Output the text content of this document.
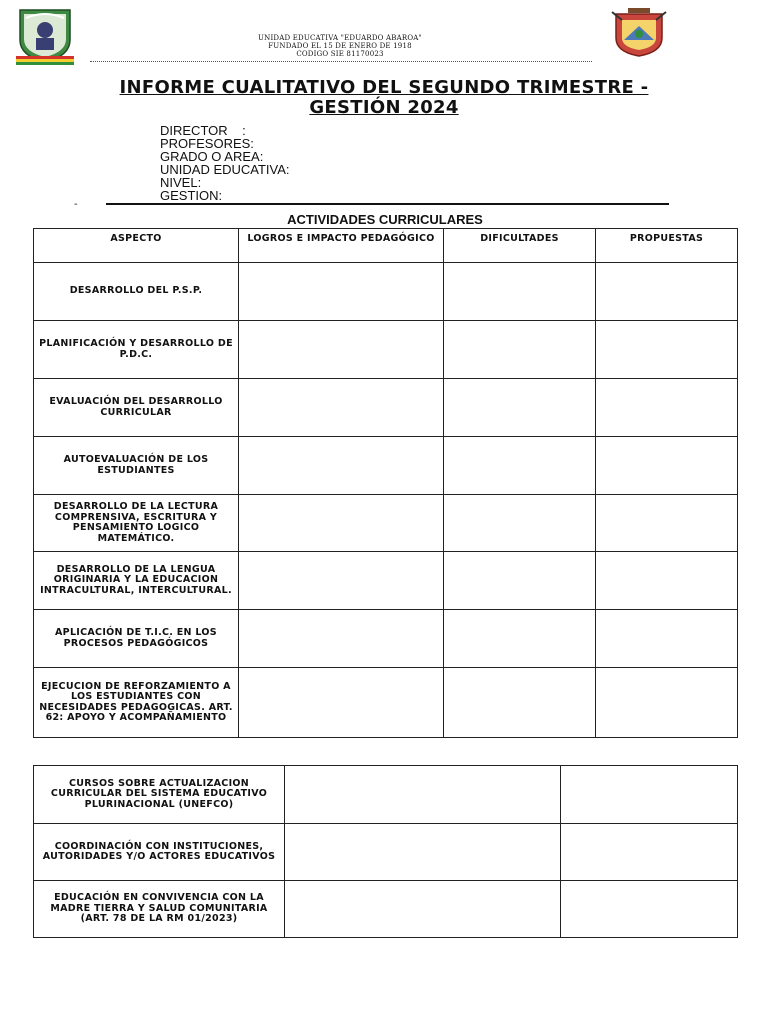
UNIDAD EDUCATIVA "EDUARDO ABAROA"
FUNDADO EL 15 DE ENERO DE 1918
CODIGO SIE 81170023
INFORME CUALITATIVO DEL SEGUNDO TRIMESTRE -
GESTIÓN 2024
DIRECTOR    :
PROFESORES:
GRADO O AREA:
UNIDAD EDUCATIVA:
NIVEL:
GESTION:
-
ACTIVIDADES CURRICULARES
ASPECTO	LOGROS E IMPACTO PEDAGÓGICO	DIFICULTADES	PROPUESTAS
DESARROLLO DEL P.S.P.			
PLANIFICACIÓN Y DESARROLLO DE P.D.C.			
EVALUACIÓN DEL DESARROLLO CURRICULAR			
AUTOEVALUACIÓN DE LOS ESTUDIANTES			
DESARROLLO DE LA LECTURA COMPRENSIVA, ESCRITURA Y PENSAMIENTO LOGICO MATEMÁTICO.			
DESARROLLO DE LA LENGUA ORIGINARIA Y LA EDUCACION INTRACULTURAL, INTERCULTURAL.			
APLICACIÓN DE T.I.C. EN LOS PROCESOS PEDAGÓGICOS			
EJECUCION DE REFORZAMIENTO A LOS ESTUDIANTES CON NECESIDADES PEDAGOGICAS. ART. 62: APOYO Y ACOMPAÑAMIENTO			
CURSOS SOBRE ACTUALIZACION CURRICULAR DEL SISTEMA EDUCATIVO PLURINACIONAL (UNEFCO)		
COORDINACIÓN CON INSTITUCIONES, AUTORIDADES Y/O ACTORES EDUCATIVOS		
EDUCACIÓN EN CONVIVENCIA CON LA MADRE TIERRA Y SALUD COMUNITARIA (ART. 78 DE LA RM 01/2023)		
